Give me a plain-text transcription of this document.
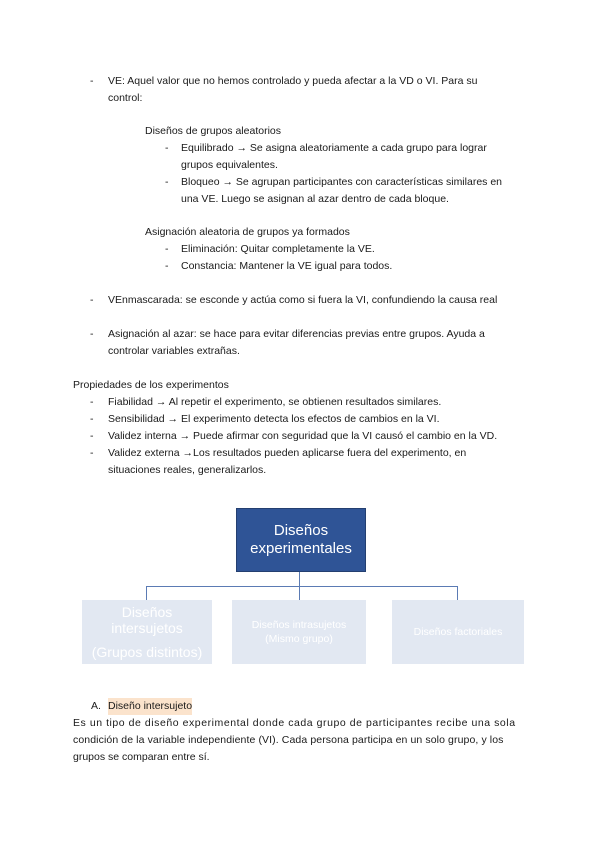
- VE: Aquel valor que no hemos controlado y pueda afectar a la VD o VI. Para su
control:
Diseños de grupos aleatorios
- Equilibrado → Se asigna aleatoriamente a cada grupo para lograr
grupos equivalentes.
- Bloqueo → Se agrupan participantes con características similares en
una VE. Luego se asignan al azar dentro de cada bloque.
Asignación aleatoria de grupos ya formados
- Eliminación: Quitar completamente la VE.
- Constancia: Mantener la VE igual para todos.
- VEnmascarada: se esconde y actúa como si fuera la VI, confundiendo la causa real
- Asignación al azar: se hace para evitar diferencias previas entre grupos. Ayuda a
controlar variables extrañas.
Propiedades de los experimentos
- Fiabilidad → Al repetir el experimento, se obtienen resultados similares.
- Sensibilidad → El experimento detecta los efectos de cambios en la VI.
- Validez interna → Puede afirmar con seguridad que la VI causó el cambio en la VD.
- Validez externa →Los resultados pueden aplicarse fuera del experimento, en
situaciones reales, generalizarlos.
Diseños experimentales
Diseños intersujetos
(Grupos distintos)
Diseños intrasujetos
(Mismo grupo)
Diseños factoriales
A. Diseño intersujeto
Es un tipo de diseño experimental donde cada grupo de participantes recibe una sola
condición de la variable independiente (VI). Cada persona participa en un solo grupo, y los
grupos se comparan entre sí.
